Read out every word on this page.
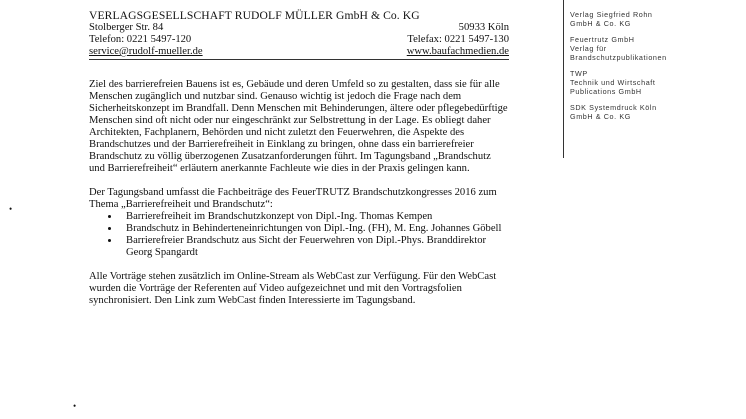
VERLAGSGESELLSCHAFT RUDOLF MÜLLER GmbH & Co. KG
Stolberger Str. 84	50933 Köln
Telefon: 0221 5497-120	Telefax: 0221 5497-130
service@rudolf-mueller.de	www.baufachmedien.de

Ziel des barrierefreien Bauens ist es, Gebäude und deren Umfeld so zu gestalten, dass sie für alle Menschen zugänglich und nutzbar sind. Genauso wichtig ist jedoch die Frage nach dem Sicherheitskonzept im Brandfall. Denn Menschen mit Behinderungen, ältere oder pflegebedürftige Menschen sind oft nicht oder nur eingeschränkt zur Selbstrettung in der Lage. Es obliegt daher Architekten, Fachplanern, Behörden und nicht zuletzt den Feuerwehren, die Aspekte des Brandschutzes und der Barrierefreiheit in Einklang zu bringen, ohne dass ein barrierefreier Brandschutz zu völlig überzogenen Zusatzanforderungen führt. Im Tagungsband „Brandschutz und Barrierefreiheit“ erläutern anerkannte Fachleute wie dies in der Praxis gelingen kann.

Der Tagungsband umfasst die Fachbeiträge des FeuerTRUTZ Brandschutzkongresses 2016 zum Thema „Barrierefreiheit und Brandschutz“:

• Barrierefreiheit im Brandschutzkonzept von Dipl.-Ing. Thomas Kempen
• Brandschutz in Behinderteneinrichtungen von Dipl.-Ing. (FH), M. Eng. Johannes Göbell
• Barrierefreier Brandschutz aus Sicht der Feuerwehren von Dipl.-Phys. Branddirektor Georg Spangardt

Alle Vorträge stehen zusätzlich im Online-Stream als WebCast zur Verfügung. Für den WebCast wurden die Vorträge der Referenten auf Video aufgezeichnet und mit den Vortragsfolien synchronisiert. Den Link zum WebCast finden Interessierte im Tagungsband.

•
•
Verlag Siegfried Rohn
GmbH & Co. KG
Feuertrutz GmbH
Verlag für
Brandschutzpublikationen
TWP
Technik und Wirtschaft
Publications GmbH
SDK Systemdruck Köln
GmbH & Co. KG
